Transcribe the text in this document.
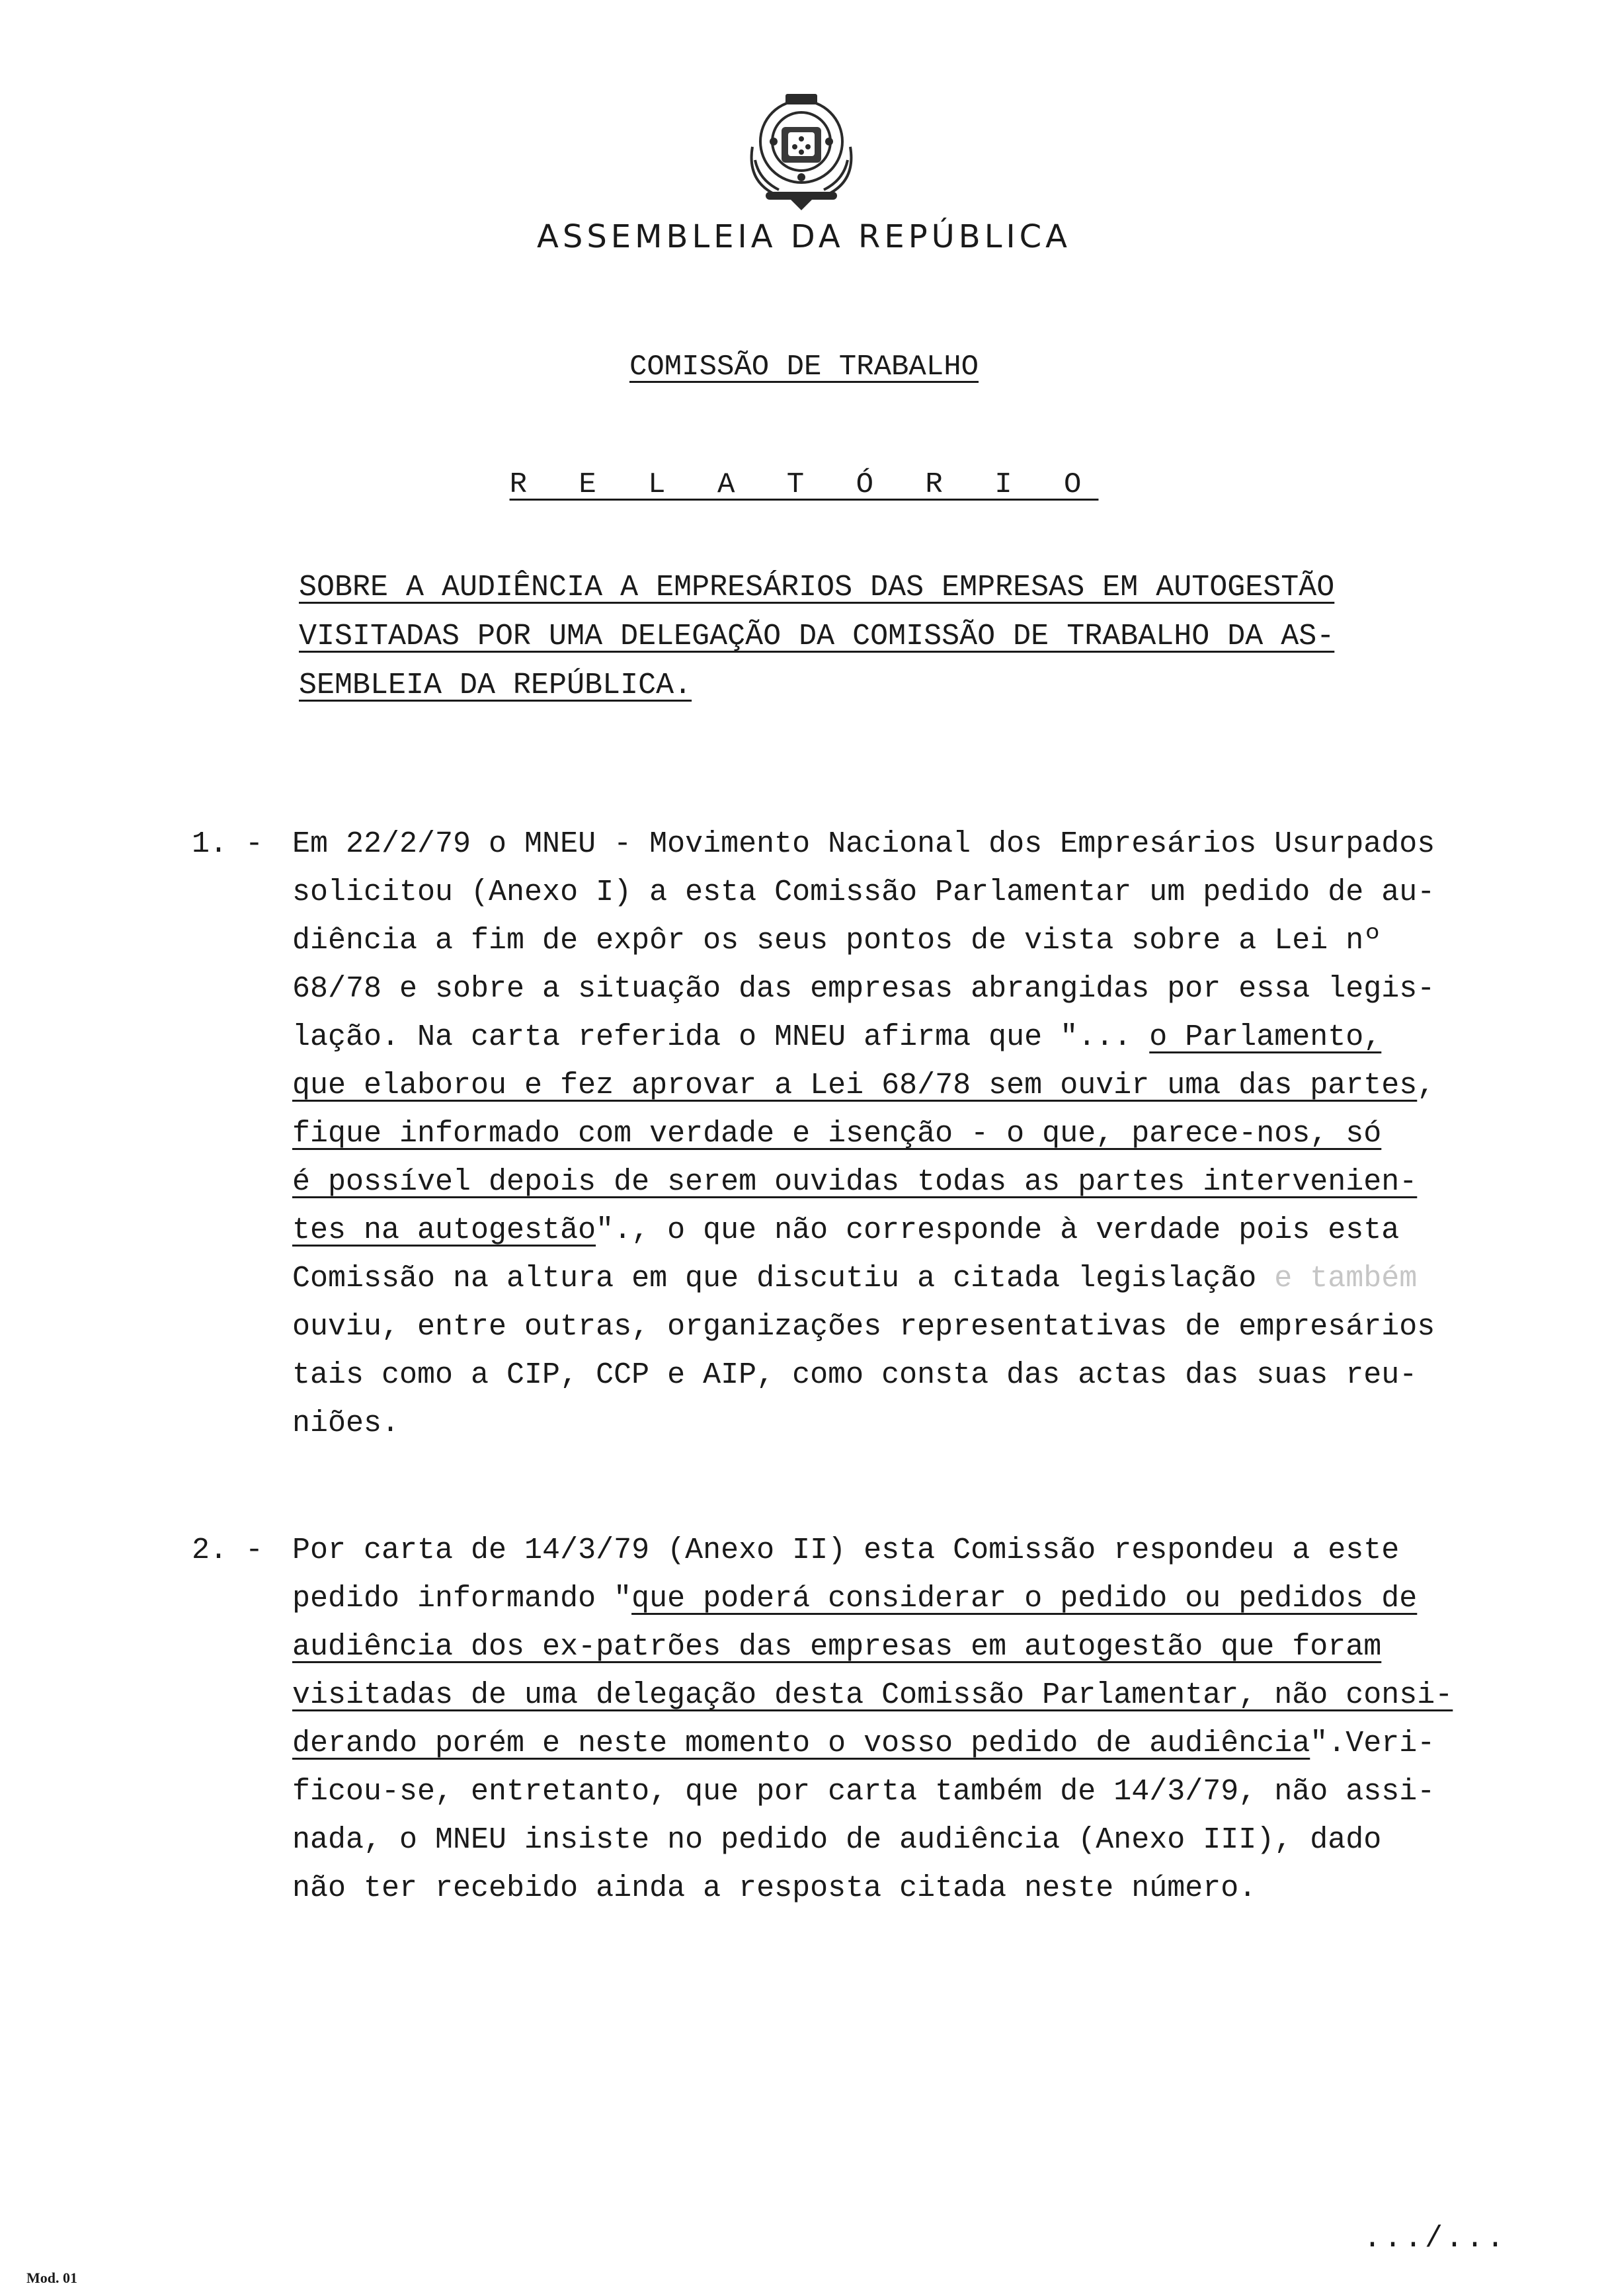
ASSEMBLEIA DA REPÚBLICA
COMISSÃO DE TRABALHO
R E L A T Ó R I O

SOBRE A AUDIÊNCIA A EMPRESÁRIOS DAS EMPRESAS EM AUTOGESTÃO

VISITADAS POR UMA DELEGAÇÃO DA COMISSÃO DE TRABALHO DA AS-

SEMBLEIA DA REPÚBLICA.

1. - Em 22/2/79 o MNEU - Movimento Nacional dos Empresários Usurpados

solicitou (Anexo I) a esta Comissão Parlamentar um pedido de au-

diência a fim de expôr os seus pontos de vista sobre a Lei nº

68/78 e sobre a situação das empresas abrangidas por essa legis-

lação. Na carta referida o MNEU afirma que "... o Parlamento,

que elaborou e fez aprovar a Lei 68/78 sem ouvir uma das partes,

fique informado com verdade e isenção - o que, parece-nos, só

é possível depois de serem ouvidas todas as partes intervenien-

tes na autogestão"., o que não corresponde à verdade pois esta

Comissão na altura em que discutiu a citada legislação e também

ouviu, entre outras, organizações representativas de empresários

tais como a CIP, CCP e AIP, como consta das actas das suas reu-

niões.

2. - Por carta de 14/3/79 (Anexo II) esta Comissão respondeu a este

pedido informando "que poderá considerar o pedido ou pedidos de

audiência dos ex-patrões das empresas em autogestão que foram

visitadas de uma delegação desta Comissão Parlamentar, não consi-

derando porém e neste momento o vosso pedido de audiência".Veri-

ficou-se, entretanto, que por carta também de 14/3/79, não assi-

nada, o MNEU insiste no pedido de audiência (Anexo III), dado

não ter recebido ainda a resposta citada neste número.

.../...
Mod. 01
